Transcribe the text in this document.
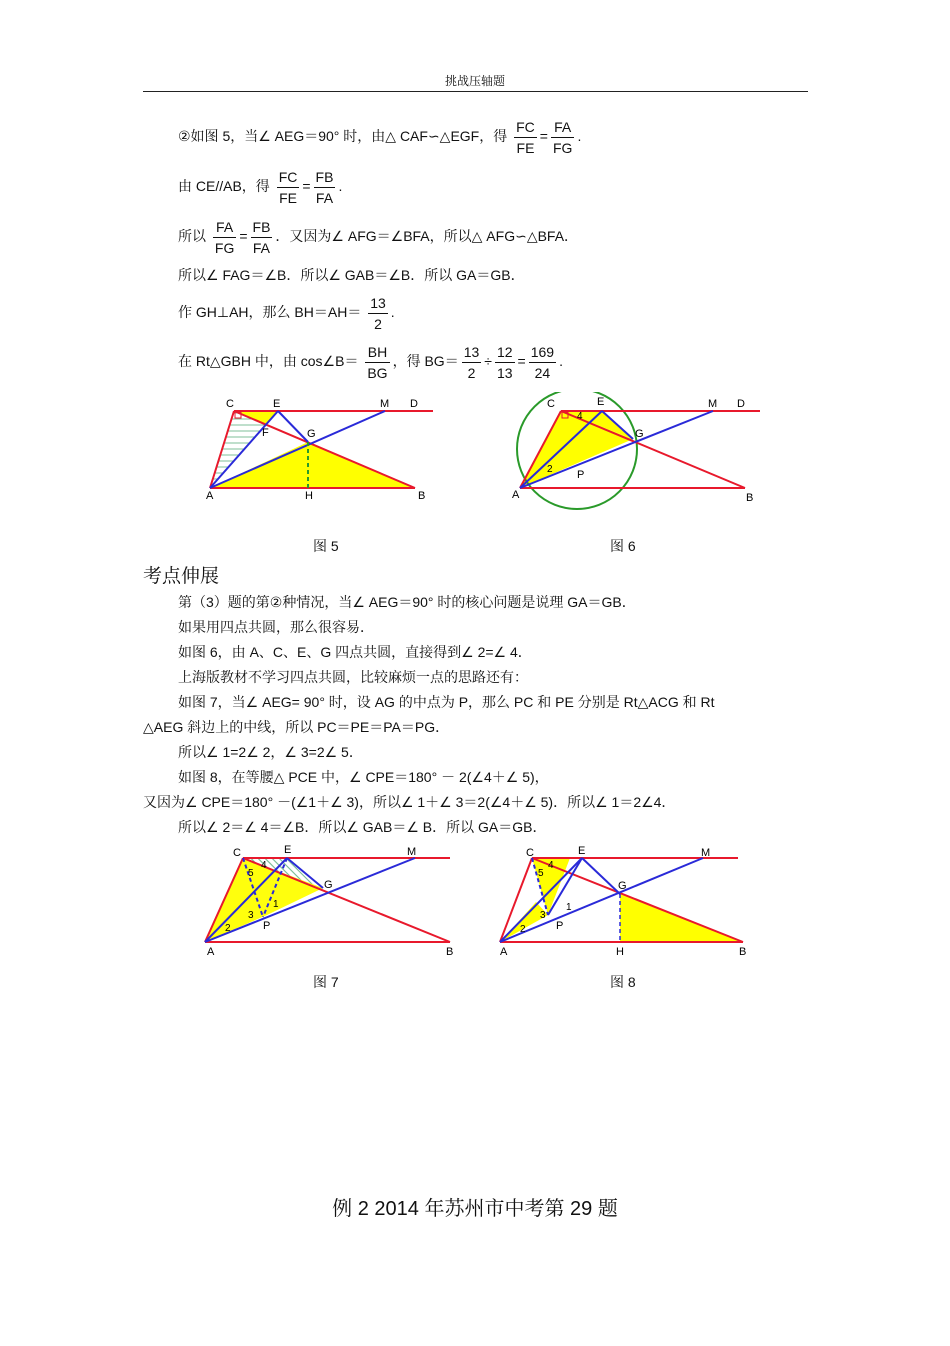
挑战压轴题
②如图 5，当∠ AEG＝90° 时，由△ CAF∽△EGF，得 $\frac{FC}{FE} = \frac{FA}{FG}$ .
由 CE//AB，得 $\frac{FC}{FE} = \frac{FB}{FA}$ .
所以 $\frac{FA}{FG} = \frac{FB}{FA}$ ．又因为∠ AFG＝∠BFA，所以△ AFG∽△BFA．
所以∠ FAG＝∠B．所以∠ GAB＝∠B．所以 GA＝GB．
作 GH⊥AH，那么 $BH=AH= \frac{13}{2}$ .
在 Rt△GBH 中，由 cos∠B＝ $\frac{BH}{BG}$ ，得 $BG= \frac{13}{2} \div \frac{12}{13} = \frac{169}{24}$ .
C	E	M D
F	G
A	H	B
图 5
C	E	M D
G
P
A	B
4
2
图 6
考点伸展
第（3）题的第②种情况，当∠ AEG＝90° 时的核心问题是说理 GA＝GB．
如果用四点共圆，那么很容易．
如图 6，由 A、C、E、G 四点共圆，直接得到∠ 2=∠ 4．
上海版教材不学习四点共圆，比较麻烦一点的思路还有：
如图 7，当∠ AEG= 90° 时，设 AG 的中点为 P，那么 PC 和 PE 分别是 Rt△ACG 和 Rt
△AEG 斜边上的中线，所以 PC＝PE＝PA＝PG．
所以∠ 1=2∠ 2，∠ 3=2∠ 5．
如图 8，在等腰△ PCE 中，∠ CPE＝180° － 2(∠4＋∠ 5)，
又因为∠ CPE＝180° －(∠1＋∠ 3)，所以∠ 1＋∠ 3＝2(∠4＋∠ 5)．所以∠ 1＝2∠4．
所以∠ 2＝∠ 4＝∠B．所以∠ GAB＝∠ B．所以 GA＝GB．
C	E	M
G
P
A	B
1
2
3
4
5
图 7
C	E	M
G
P
A	H	B
1
2
3
4
5
图 8
例 2 2014 年苏州市中考第 29 题
